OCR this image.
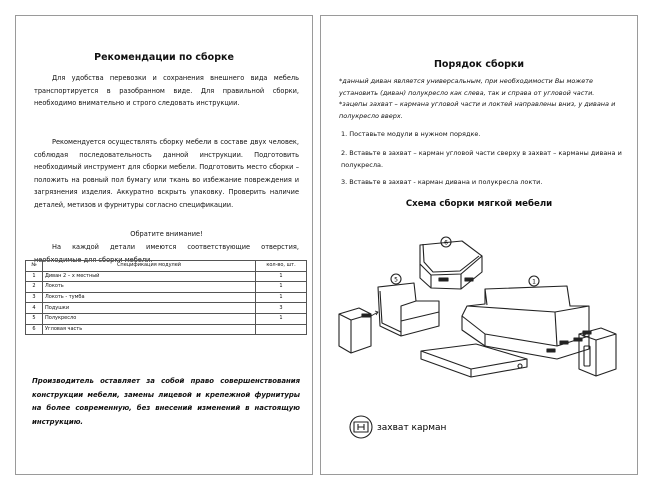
Рекомендации по сборке
Для удобства перевозки и сохранения внешнего вида мебель транспортируется в разобранном виде. Для правильной сборки, необходимо внимательно и строго следовать инструкции.
Рекомендуется осуществлять сборку мебели в составе двух человек, соблюдая последовательность данной инструкции. Подготовить необходимый инструмент для сборки мебели. Подготовить место сборки – положить на ровный пол бумагу или ткань во избежание повреждения и загрязнения изделия. Аккуратно вскрыть упаковку. Проверить наличие деталей, метизов и фурнитуры согласно спецификации.
Обратите внимание!
На каждой детали имеются соответствующие отверстия, необходимые для сборки мебели.
№	Спецификация модулей	кол-во, шт.
1	Диван 2 – х местный	1
2	Локоть	1
3	Локоть - тумба	1
4	Подушки	3
5	Полукресло	1
6	Угловая часть	
Производитель оставляет за собой право совершенствования конструкции мебели, замены лицевой и крепежной фурнитуры на более современную, без внесений изменений в настоящую инструкцию.
Порядок сборки
*данный диван является универсальным, при необходимости Вы можете установить (диван) полукресло как слева, так и справа от угловой части.
*зацепы захват – кармана угловой части и локтей направлены вниз, у дивана и полукресло вверх.
1. Поставьте модули в нужном порядке.
2. Вставьте в захват – карман угловой части сверху в захват – карманы дивана и полукресла.
3. Вставьте в захват - карман дивана и полукресла локти.
Схема сборки мягкой мебели
6
5	1
захват карман
